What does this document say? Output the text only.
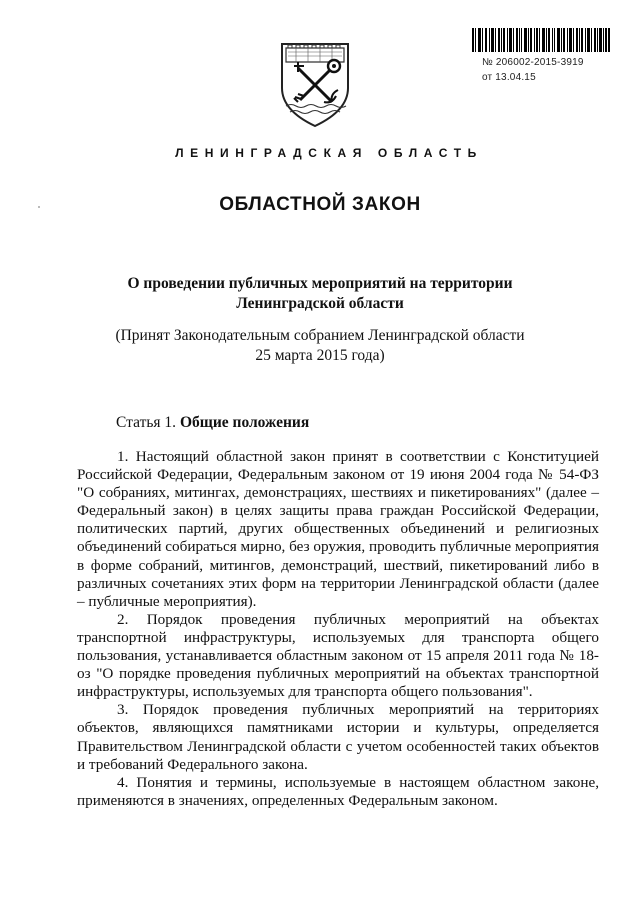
№ 206002-2015-3919
от 13.04.15
ЛЕНИНГРАДСКАЯ ОБЛАСТЬ
ОБЛАСТНОЙ ЗАКОН
О проведении публичных мероприятий на территории
Ленинградской области
(Принят Законодательным собранием Ленинградской области
25 марта 2015 года)
Статья 1. Общие положения

1. Настоящий областной закон принят в соответствии с Конституцией Российской Федерации, Федеральным законом от 19 июня 2004 года № 54-ФЗ "О собраниях, митингах, демонстрациях, шествиях и пикетированиях" (далее – Федеральный закон) в целях защиты права граждан Российской Федерации, политических партий, других общественных объединений и религиозных объединений собираться мирно, без оружия, проводить публичные мероприятия в форме собраний, митингов, демонстраций, шествий, пикетирований либо в различных сочетаниях этих форм на территории Ленинградской области (далее – публичные мероприятия).

2. Порядок проведения публичных мероприятий на объектах транспортной инфраструктуры, используемых для транспорта общего пользования, устанавливается областным законом от 15 апреля 2011 года № 18-оз "О порядке проведения публичных мероприятий на объектах транспортной инфраструктуры, используемых для транспорта общего пользования".

3. Порядок проведения публичных мероприятий на территориях объектов, являющихся памятниками истории и культуры, определяется Правительством Ленинградской области с учетом особенностей таких объектов и требований Федерального закона.

4. Понятия и термины, используемые в настоящем областном законе, применяются в значениях, определенных Федеральным законом.
